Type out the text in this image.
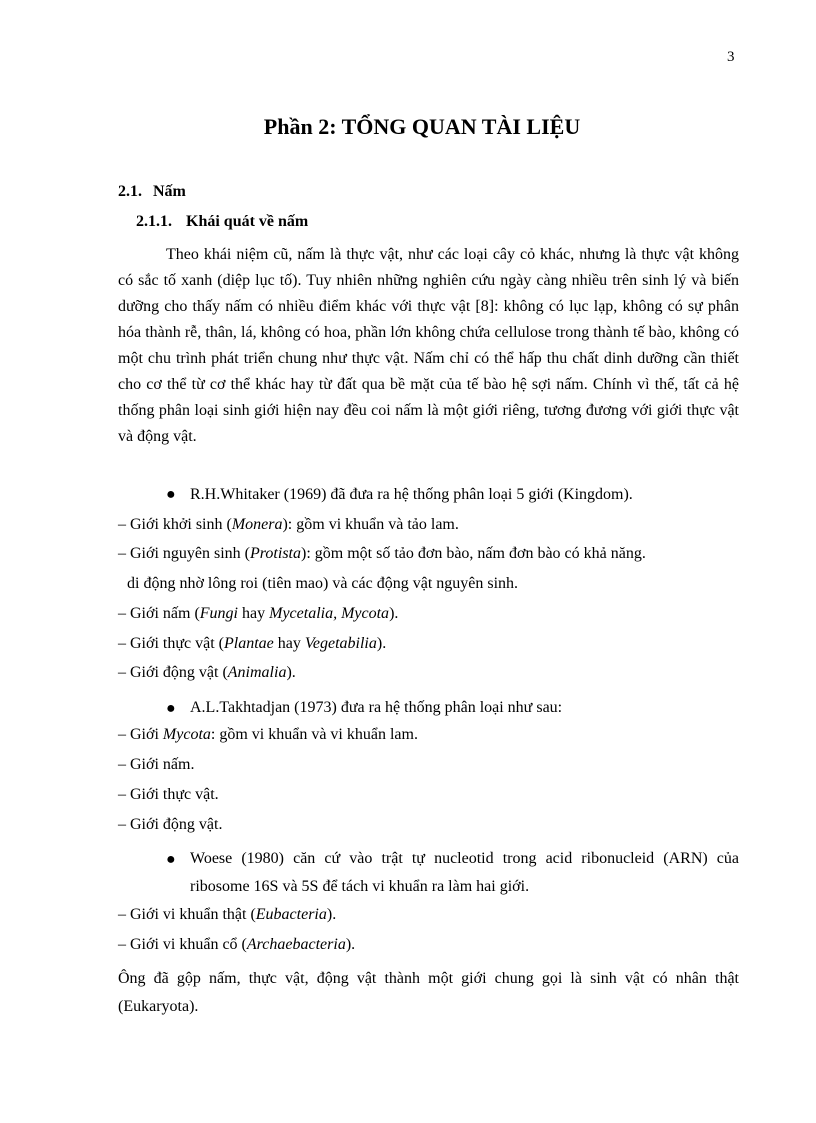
3
Phần 2: TỔNG QUAN TÀI LIỆU
2.1. Nấm
2.1.1. Khái quát về nấm
Theo khái niệm cũ, nấm là thực vật, như các loại cây cỏ khác, nhưng là thực vật không có sắc tố xanh (diệp lục tố). Tuy nhiên những nghiên cứu ngày càng nhiều trên sinh lý và biến dưỡng cho thấy nấm có nhiều điểm khác với thực vật [8]: không có lục lạp, không có sự phân hóa thành rễ, thân, lá, không có hoa, phần lớn không chứa cellulose trong thành tế bào, không có một chu trình phát triển chung như thực vật. Nấm chỉ có thể hấp thu chất dinh dưỡng cần thiết cho cơ thể từ cơ thể khác hay từ đất qua bề mặt của tế bào hệ sợi nấm. Chính vì thế, tất cả hệ thống phân loại sinh giới hiện nay đều coi nấm là một giới riêng, tương đương với giới thực vật và động vật.
● R.H.Whitaker (1969) đã đưa ra hệ thống phân loại 5 giới (Kingdom).
– Giới khởi sinh (Monera): gồm vi khuẩn và tảo lam.
– Giới nguyên sinh (Protista): gồm một số tảo đơn bào, nấm đơn bào có khả năng.
di động nhờ lông roi (tiên mao) và các động vật nguyên sinh.
– Giới nấm (Fungi hay Mycetalia, Mycota).
– Giới thực vật (Plantae hay Vegetabilia).
– Giới động vật (Animalia).
● A.L.Takhtadjan (1973) đưa ra hệ thống phân loại như sau:
– Giới Mycota: gồm vi khuẩn và vi khuẩn lam.
– Giới nấm.
– Giới thực vật.
– Giới động vật.
● Woese (1980) căn cứ vào trật tự nucleotid trong acid ribonucleid (ARN) của ribosome 16S và 5S để tách vi khuẩn ra làm hai giới.
– Giới vi khuẩn thật (Eubacteria).
– Giới vi khuẩn cổ (Archaebacteria).
Ông đã gộp nấm, thực vật, động vật thành một giới chung gọi là sinh vật có nhân thật (Eukaryota).
